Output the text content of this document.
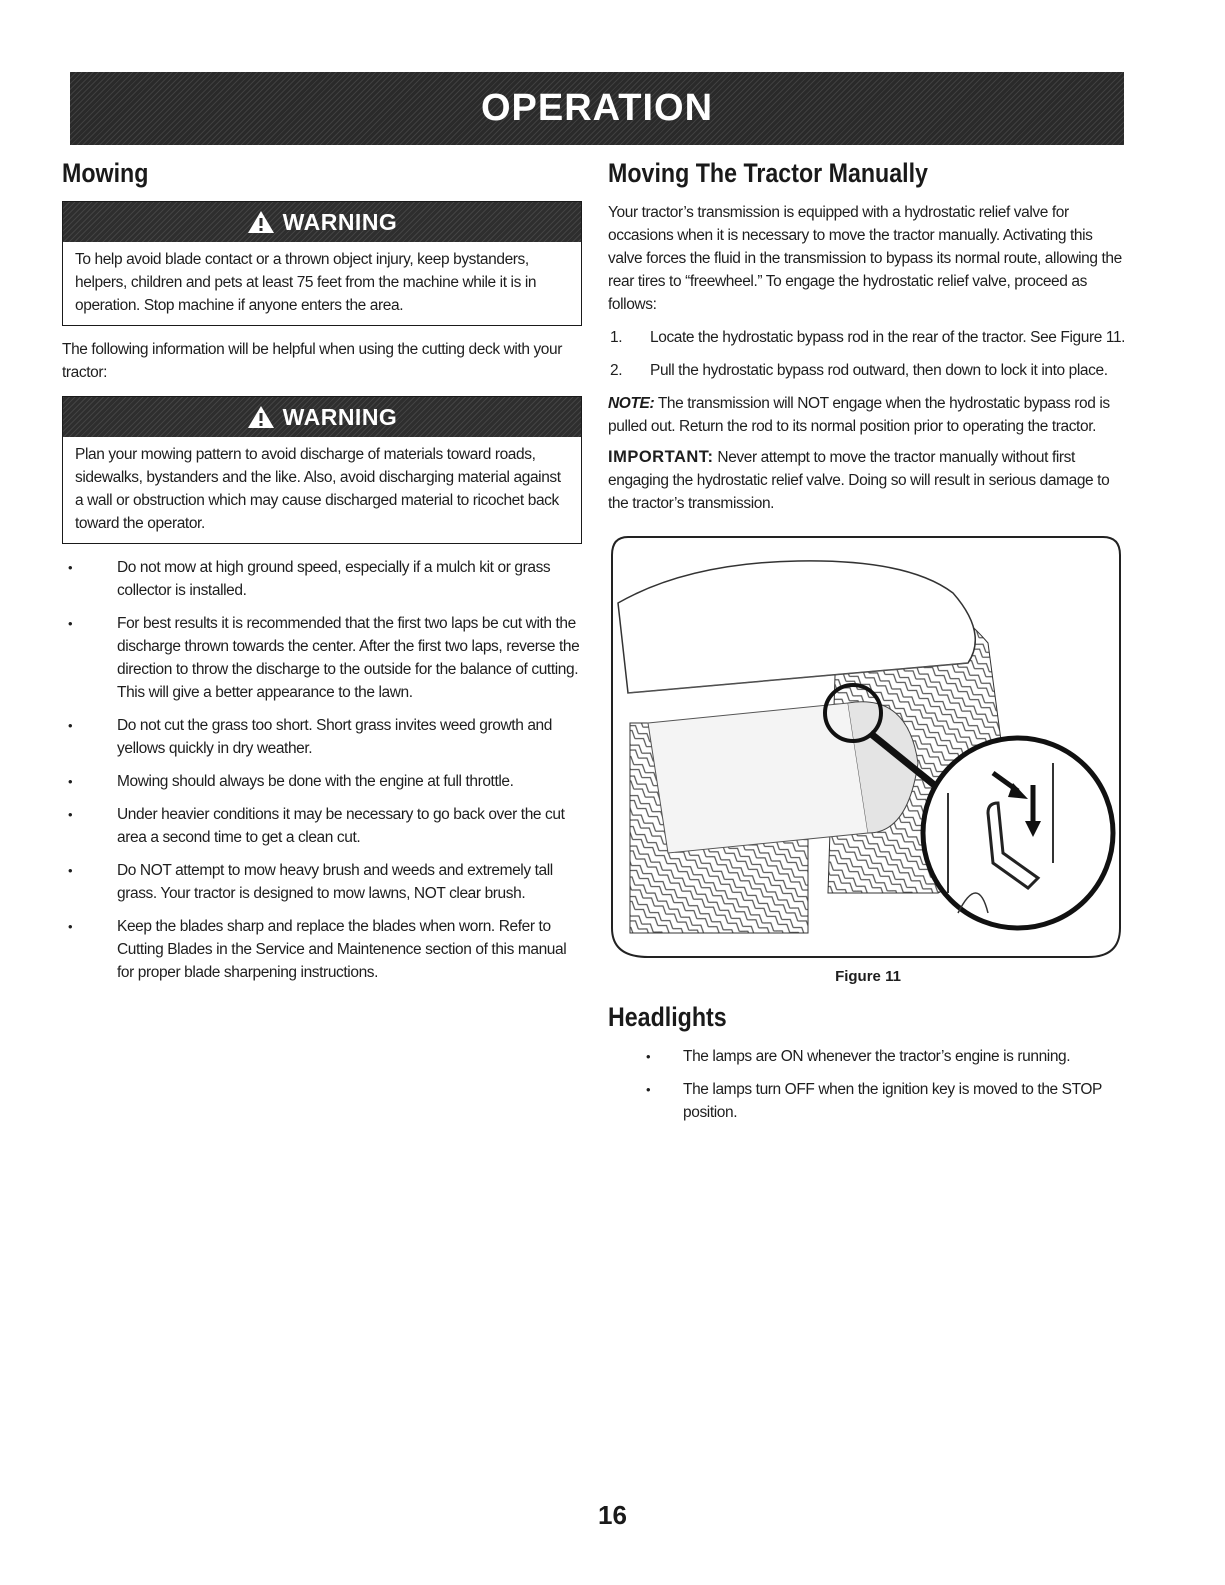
OPERATION
Mowing
WARNING
To help avoid blade contact or a thrown object injury, keep bystanders, helpers, children and pets at least 75 feet from the machine while it is in operation. Stop machine if anyone enters the area.
The following information will be helpful when using the cutting deck with your tractor:
WARNING
Plan your mowing pattern to avoid discharge of materials toward roads, sidewalks, bystanders and the like. Also, avoid discharging material against a wall or obstruction which may cause discharged material to ricochet back toward the operator.
•	Do not mow at high ground speed, especially if a mulch kit or grass collector is installed.
•	For best results it is recommended that the first two laps be cut with the discharge thrown towards the center. After the first two laps, reverse the direction to throw the discharge to the outside for the balance of cutting. This will give a better appearance to the lawn.
•	Do not cut the grass too short. Short grass invites weed growth and yellows quickly in dry weather.
•	Mowing should always be done with the engine at full throttle.
•	Under heavier conditions it may be necessary to go back over the cut area a second time to get a clean cut.
•	Do NOT attempt to mow heavy brush and weeds and extremely tall grass. Your tractor is designed to mow lawns, NOT clear brush.
•	Keep the blades sharp and replace the blades when worn. Refer to Cutting Blades in the Service and Maintenence section of this manual for proper blade sharpening instructions.
Moving The Tractor Manually
Your tractor’s transmission is equipped with a hydrostatic relief valve for occasions when it is necessary to move the tractor manually. Activating this valve forces the fluid in the transmission to bypass its normal route, allowing the rear tires to “freewheel.” To engage the hydrostatic relief valve, proceed as follows:
1. Locate the hydrostatic bypass rod in the rear of the tractor. See Figure 11.
2. Pull the hydrostatic bypass rod outward, then down to lock it into place.
NOTE: The transmission will NOT engage when the hydrostatic bypass rod is pulled out. Return the rod to its normal position prior to operating the tractor.
IMPORTANT: Never attempt to move the tractor manually without first engaging the hydrostatic relief valve. Doing so will result in serious damage to the tractor’s transmission.
Figure 11
Headlights
• The lamps are ON whenever the tractor’s engine is running.
• The lamps turn OFF when the ignition key is moved to the STOP position.
16
